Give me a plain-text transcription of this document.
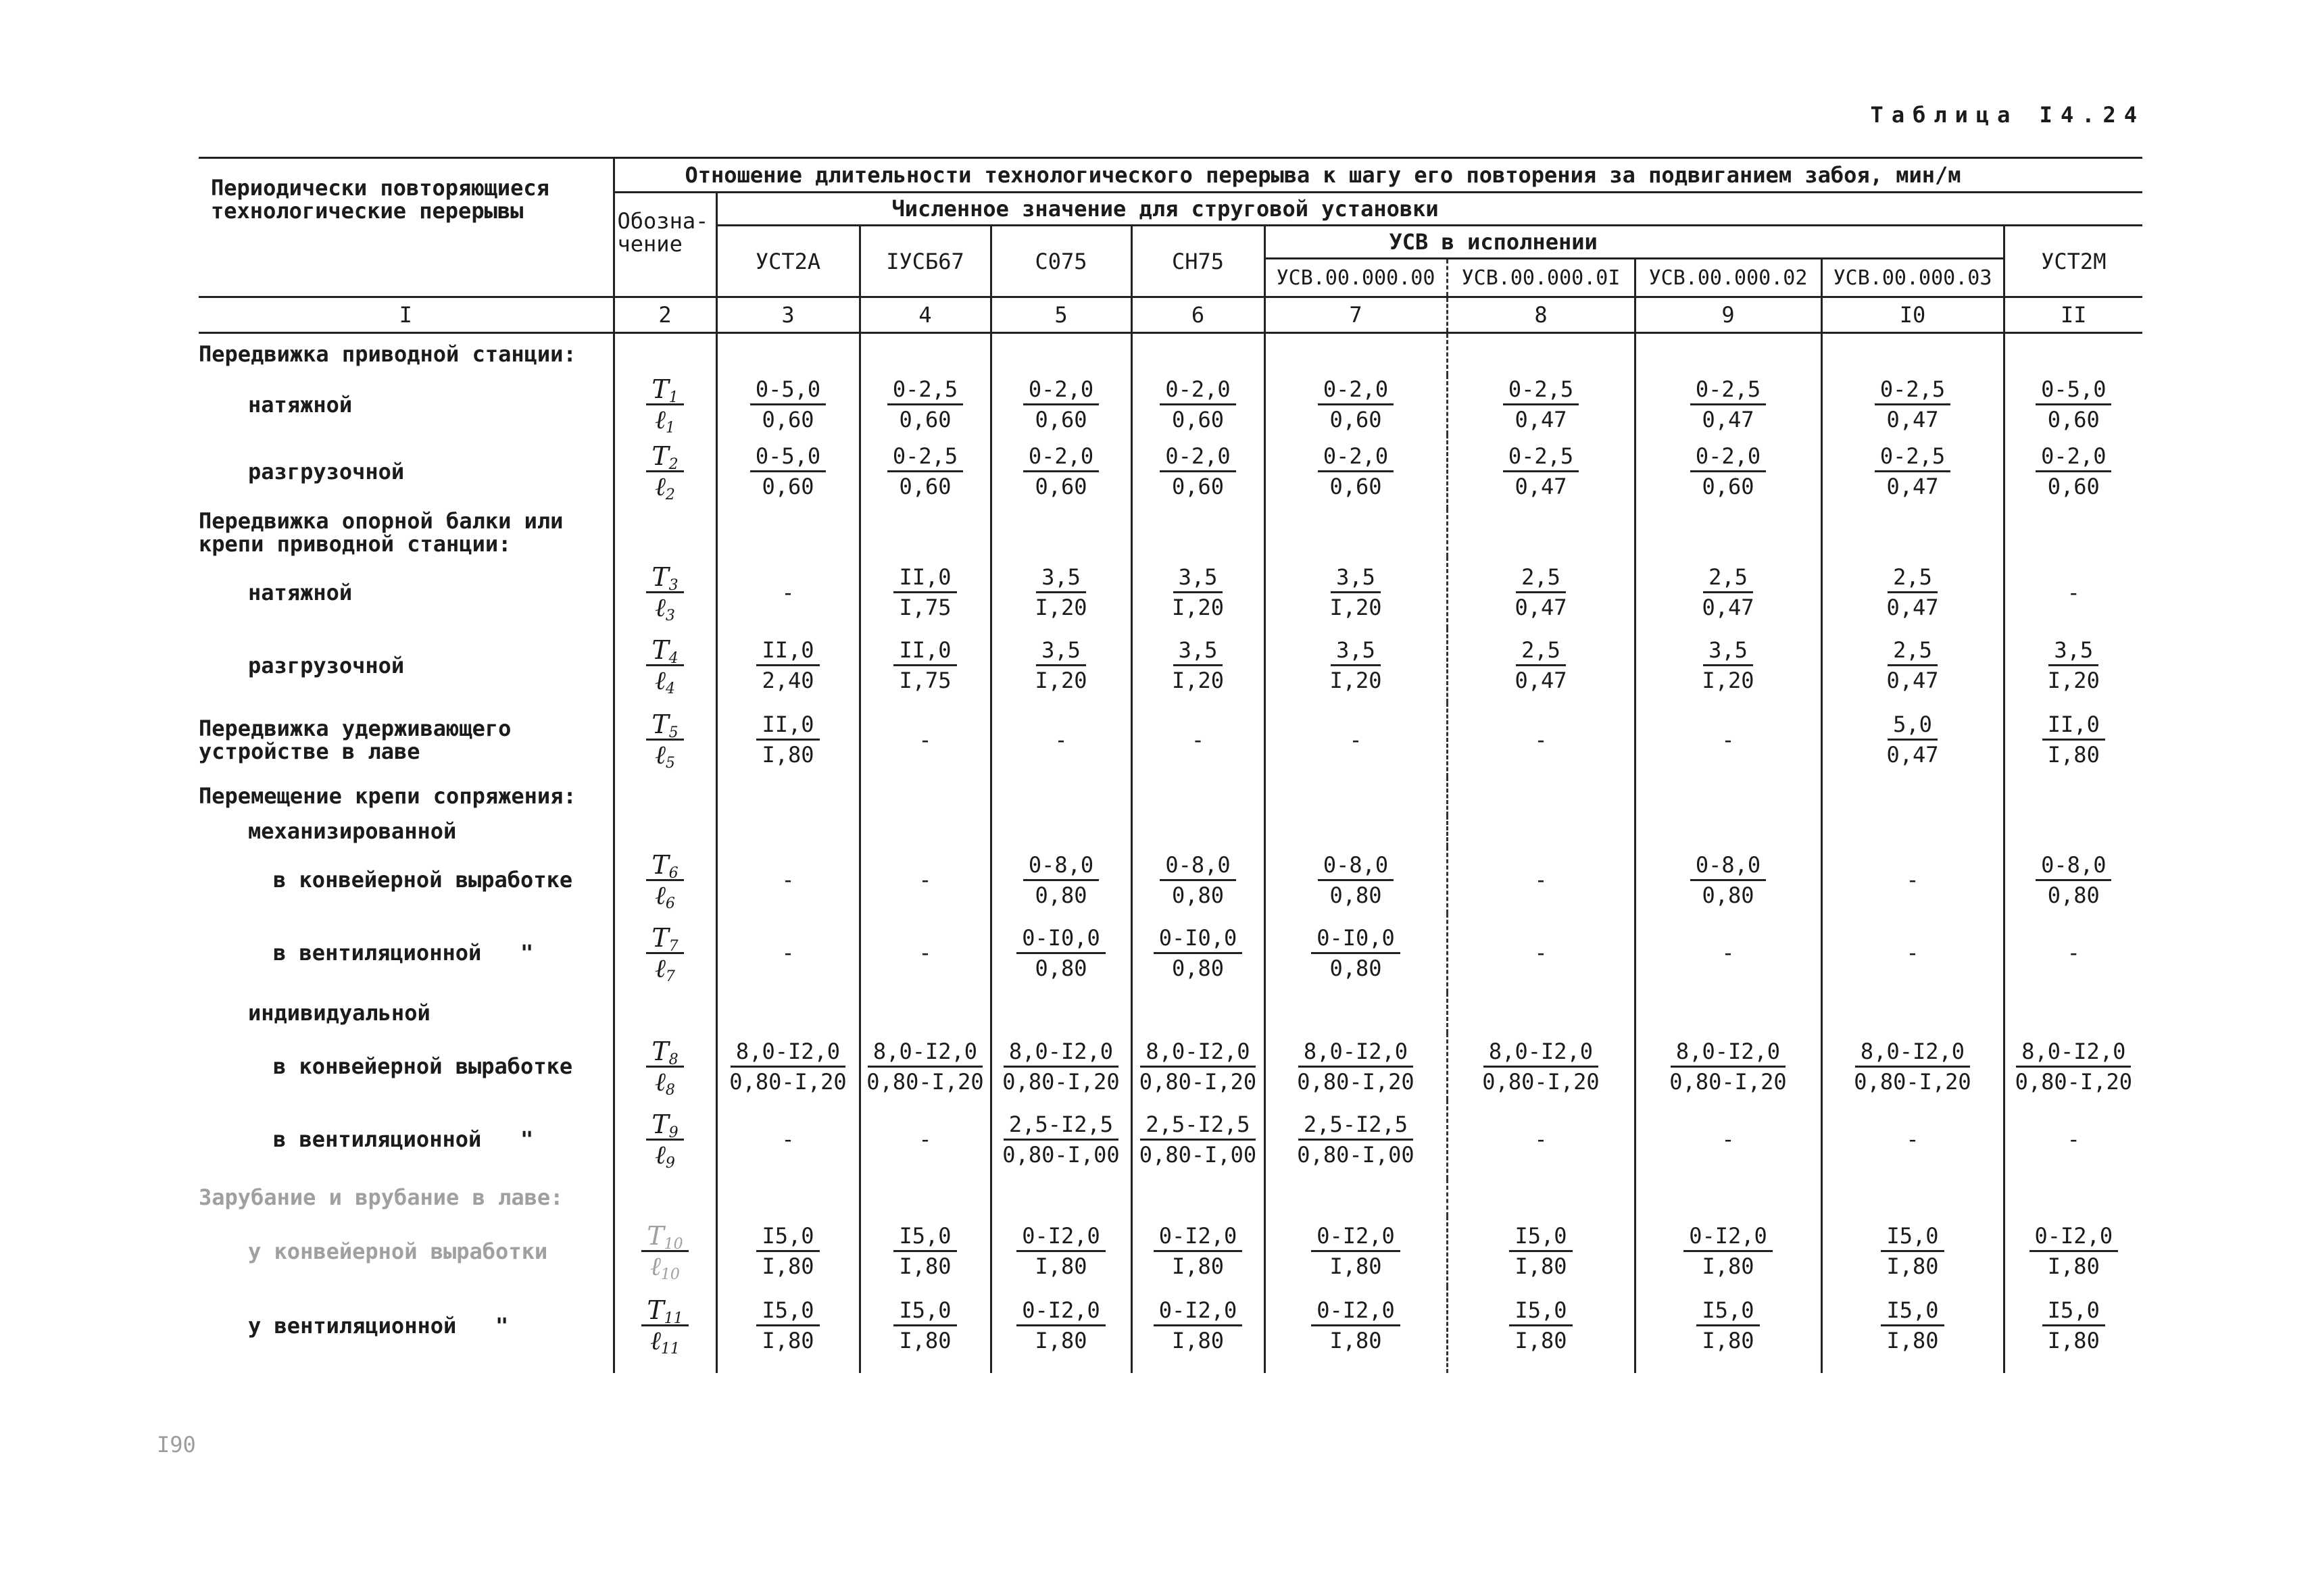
Таблица I4.24
Периодически повторяющиеся технологические перерывы	Отношение длительности технологического перерыва к шагу его повторения за подвиганием забоя, мин/м									
	Обозна-чение	Численное значение для струговой установки								
		УСТ2А	IУСБ67	С075	СН75	УСВ в исполнении				УСТ2М
						УСВ.00.000.00	УСВ.00.000.0I	УСВ.00.000.02	УСВ.00.000.03	
I	2	3	4	5	6	7	8	9	I0	II
Передвижка приводной станции:										
натяжной	$\frac{T_1}{\ell_1}$	$\frac{0-5,0}{0,60}$	$\frac{0-2,5}{0,60}$	$\frac{0-2,0}{0,60}$	$\frac{0-2,0}{0,60}$	$\frac{0-2,0}{0,60}$	$\frac{0-2,5}{0,47}$	$\frac{0-2,5}{0,47}$	$\frac{0-2,5}{0,47}$	$\frac{0-5,0}{0,60}$

разгрузочной	$\frac{T_2}{\ell_2}$	$\frac{0-5,0}{0,60}$	$\frac{0-2,5}{0,60}$	$\frac{0-2,0}{0,60}$	$\frac{0-2,0}{0,60}$	$\frac{0-2,0}{0,60}$	$\frac{0-2,5}{0,47}$	$\frac{0-2,0}{0,60}$	$\frac{0-2,5}{0,47}$	$\frac{0-2,0}{0,60}$

Передвижка опорной балки или крепи приводной станции:										
натяжной	$\frac{T_3}{\ell_3}$	-	$\frac{II,0}{I,75}$	$\frac{3,5}{I,20}$	$\frac{3,5}{I,20}$	$\frac{3,5}{I,20}$	$\frac{2,5}{0,47}$	$\frac{2,5}{0,47}$	$\frac{2,5}{0,47}$	-
разгрузочной	$\frac{T_4}{\ell_4}$	$\frac{II,0}{2,40}$	$\frac{II,0}{I,75}$	$\frac{3,5}{I,20}$	$\frac{3,5}{I,20}$	$\frac{3,5}{I,20}$	$\frac{2,5}{0,47}$	$\frac{3,5}{I,20}$	$\frac{2,5}{0,47}$	$\frac{3,5}{I,20}$

Передвижка удерживающего устройстве в лаве	$\frac{T_5}{\ell_5}$	$\frac{II,0}{I,80}$	-	-	-	-	-	-	$\frac{5,0}{0,47}$	$\frac{II,0}{I,80}$

Перемещение крепи сопряжения:										
механизированной										
в конвейерной выработке	$\frac{T_6}{\ell_6}$	-	-	$\frac{0-8,0}{0,80}$	$\frac{0-8,0}{0,80}$	$\frac{0-8,0}{0,80}$	-	$\frac{0-8,0}{0,80}$	-	$\frac{0-8,0}{0,80}$

в вентиляционной   "	$\frac{T_7}{\ell_7}$	-	-	$\frac{0-I0,0}{0,80}$	$\frac{0-I0,0}{0,80}$	$\frac{0-I0,0}{0,80}$	-	-	-	-
индивидуальной										
в конвейерной выработке	$\frac{T_8}{\ell_8}$	$\frac{8,0-I2,0}{0,80-I,20}$	$\frac{8,0-I2,0}{0,80-I,20}$	$\frac{8,0-I2,0}{0,80-I,20}$	$\frac{8,0-I2,0}{0,80-I,20}$	$\frac{8,0-I2,0}{0,80-I,20}$	$\frac{8,0-I2,0}{0,80-I,20}$	$\frac{8,0-I2,0}{0,80-I,20}$	$\frac{8,0-I2,0}{0,80-I,20}$	$\frac{8,0-I2,0}{0,80-I,20}$

в вентиляционной   "	$\frac{T_9}{\ell_9}$	-	-	$\frac{2,5-I2,5}{0,80-I,00}$	$\frac{2,5-I2,5}{0,80-I,00}$	$\frac{2,5-I2,5}{0,80-I,00}$	-	-	-	-
Зарубание и врубание в лаве:										
у конвейерной выработки	$\frac{T_{10}}{\ell_{10}}$	$\frac{I5,0}{I,80}$	$\frac{I5,0}{I,80}$	$\frac{0-I2,0}{I,80}$	$\frac{0-I2,0}{I,80}$	$\frac{0-I2,0}{I,80}$	$\frac{I5,0}{I,80}$	$\frac{0-I2,0}{I,80}$	$\frac{I5,0}{I,80}$	$\frac{0-I2,0}{I,80}$

у вентиляционной   "	$\frac{T_{11}}{\ell_{11}}$	$\frac{I5,0}{I,80}$	$\frac{I5,0}{I,80}$	$\frac{0-I2,0}{I,80}$	$\frac{0-I2,0}{I,80}$	$\frac{0-I2,0}{I,80}$	$\frac{I5,0}{I,80}$	$\frac{I5,0}{I,80}$	$\frac{I5,0}{I,80}$	$\frac{I5,0}{I,80}$
I90
